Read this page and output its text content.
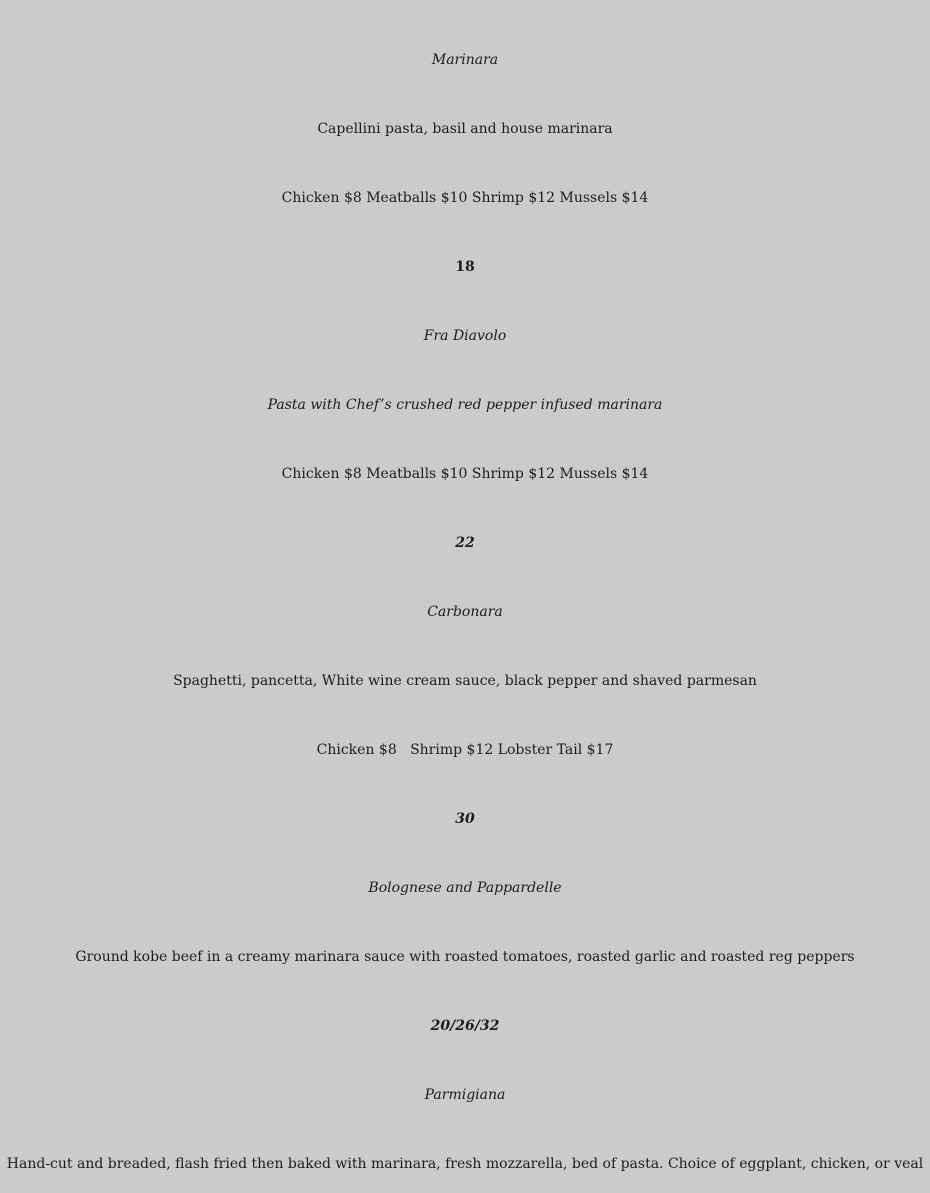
Marinara
Capellini pasta, basil and house marinara
Chicken $8 Meatballs $10 Shrimp $12 Mussels $14
18
Fra Diavolo
Pasta with Chef’s crushed red pepper infused marinara
Chicken $8 Meatballs $10 Shrimp $12 Mussels $14
22
Carbonara
Spaghetti, pancetta, White wine cream sauce, black pepper and shaved parmesan
Chicken $8   Shrimp $12 Lobster Tail $17
30
Bolognese and Pappardelle
Ground kobe beef in a creamy marinara sauce with roasted tomatoes, roasted garlic and roasted reg peppers
20/26/32
Parmigiana
Hand-cut and breaded, flash fried then baked with marinara, fresh mozzarella, bed of pasta. Choice of eggplant, chicken, or veal
